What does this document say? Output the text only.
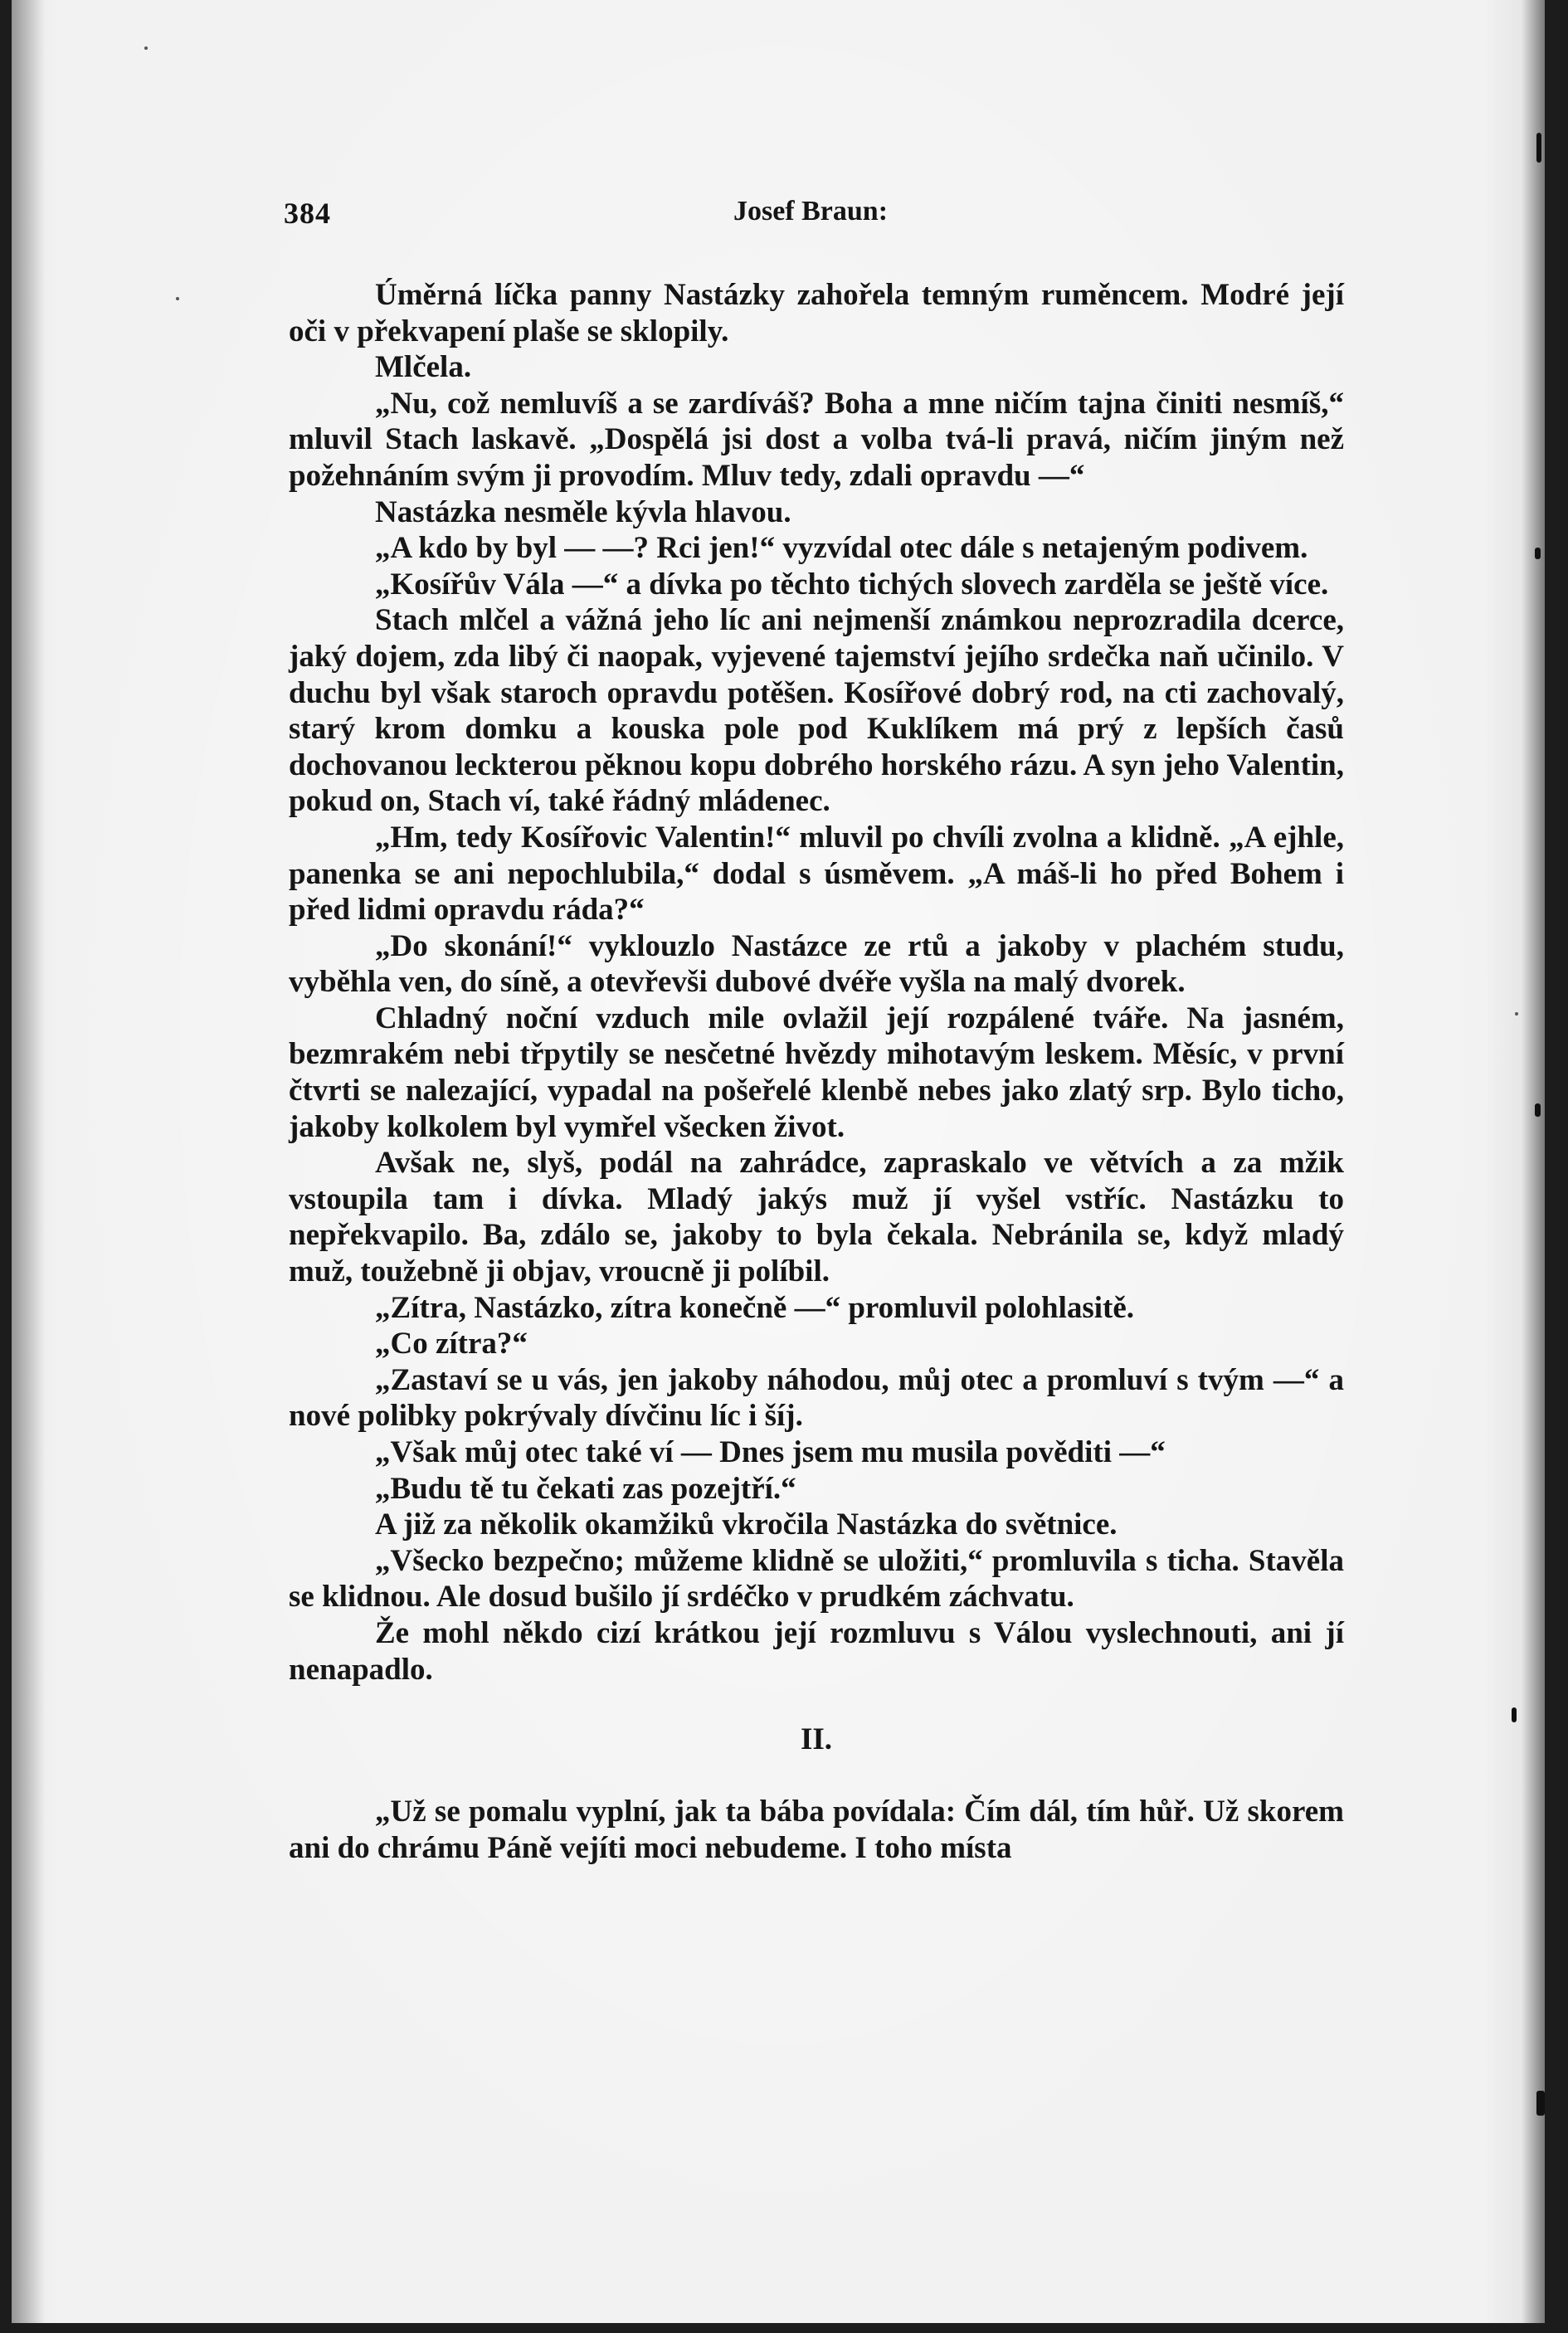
384	Josef Braun:

Úměrná líčka panny Nastázky zahořela temným ruměncem. Modré její oči v překvapení plaše se sklopily.

Mlčela.

„Nu, což nemluvíš a se zardíváš? Boha a mne ničím tajna činiti nesmíš,“ mluvil Stach laskavě. „Dospělá jsi dost a volba tvá-li pravá, ničím jiným než požehnáním svým ji provodím. Mluv tedy, zdali opravdu —“

Nastázka nesměle kývla hlavou.

„A kdo by byl — —? Rci jen!“ vyzvídal otec dále s netajeným podivem.

„Kosířův Vála —“ a dívka po těchto tichých slovech zarděla se ještě více.

Stach mlčel a vážná jeho líc ani nejmenší známkou neprozradila dcerce, jaký dojem, zda libý či naopak, vyjevené tajemství jejího srdečka naň učinilo. V duchu byl však staroch opravdu potěšen. Kosířové dobrý rod, na cti zachovalý, starý krom domku a kouska pole pod Kuklíkem má prý z lepších časů dochovanou leckterou pěknou kopu dobrého horského rázu. A syn jeho Valentin, pokud on, Stach ví, také řádný mládenec.

„Hm, tedy Kosířovic Valentin!“ mluvil po chvíli zvolna a klidně. „A ejhle, panenka se ani nepochlubila,“ dodal s úsměvem. „A máš-li ho před Bohem i před lidmi opravdu ráda?“

„Do skonání!“ vyklouzlo Nastázce ze rtů a jakoby v plachém studu, vyběhla ven, do síně, a otevřevši dubové dvéře vyšla na malý dvorek.

Chladný noční vzduch mile ovlažil její rozpálené tváře. Na jasném, bezmrakém nebi třpytily se nesčetné hvězdy mihotavým leskem. Měsíc, v první čtvrti se nalezající, vypadal na pošeřelé klenbě nebes jako zlatý srp. Bylo ticho, jakoby kolkolem byl vymřel všecken život.

Avšak ne, slyš, podál na zahrádce, zapraskalo ve větvích a za mžik vstoupila tam i dívka. Mladý jakýs muž jí vyšel vstříc. Nastázku to nepřekvapilo. Ba, zdálo se, jakoby to byla čekala. Nebránila se, když mladý muž, toužebně ji objav, vroucně ji políbil.

„Zítra, Nastázko, zítra konečně —“ promluvil polohlasitě.

„Co zítra?“

„Zastaví se u vás, jen jakoby náhodou, můj otec a promluví s tvým —“ a nové polibky pokrývaly dívčinu líc i šíj.

„Však můj otec také ví — Dnes jsem mu musila pověditi —“

„Budu tě tu čekati zas pozejtří.“

A již za několik okamžiků vkročila Nastázka do světnice.

„Všecko bezpečno; můžeme klidně se uložiti,“ promluvila s ticha. Stavěla se klidnou. Ale dosud bušilo jí srdéčko v prudkém záchvatu.

Že mohl někdo cizí krátkou její rozmluvu s Válou vyslechnouti, ani jí nenapadlo.

II.

„Už se pomalu vyplní, jak ta bába povídala: Čím dál, tím hůř. Už skorem ani do chrámu Páně vejíti moci nebudeme. I toho místa
